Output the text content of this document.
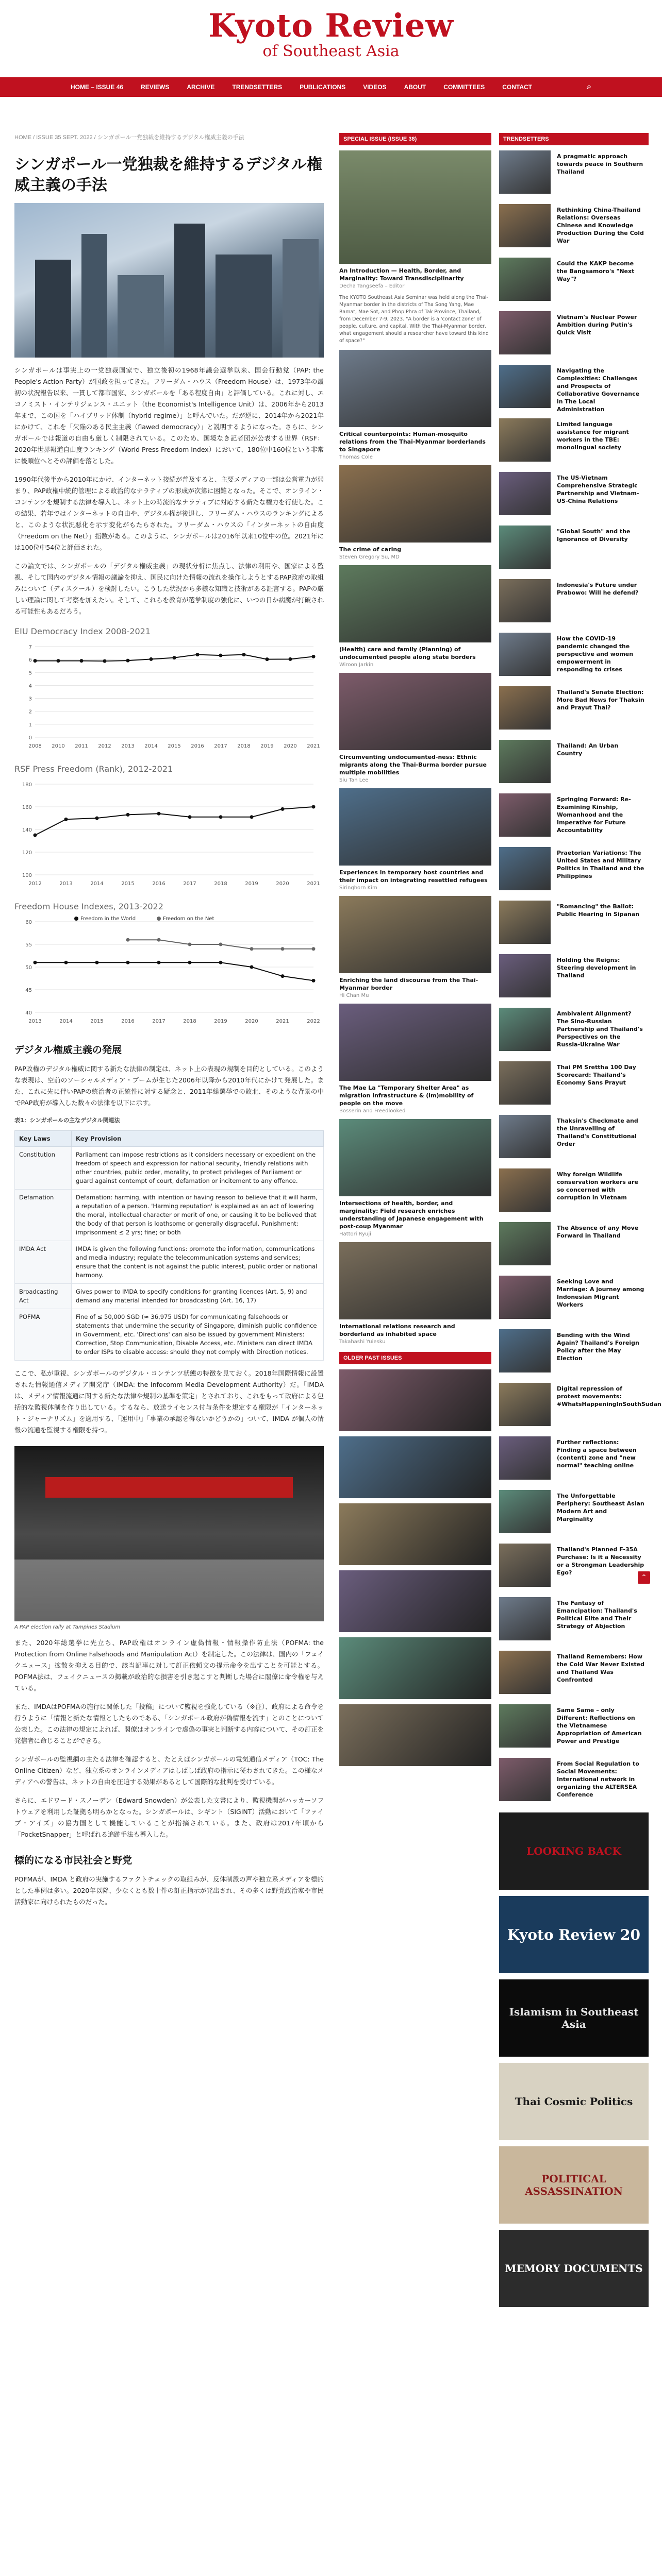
Kyoto Review
of Southeast Asia
HOME – ISSUE 46	REVIEWS	ARCHIVE	TRENDSETTERS	PUBLICATIONS	VIDEOS	ABOUT	COMMITTEES	CONTACT	⌕
HOME / ISSUE 35 SEPT. 2022 / シンガポール一党独裁を維持するデジタル権威主義の手法
シンガポール一党独裁を維持するデジタル権威主義の手法

シンガポールは事実上の一党独裁国家で、独立後初の1968年議会選挙以来、国会行動党（PAP: the People's Action Party）が国政を担ってきた。フリーダム・ハウス（Freedom House）は、1973年の最初の状況報告以来、一貫して都市国家、シンガポールを「ある程度自由」と評価している。これに対し、エコノミスト・インテリジェンス・ユニット（the Economist's Intelligence Unit）は、2006年から2013年まで、この国を「ハイブリッド体制（hybrid regime）」と呼んでいた。だが逆に、2014年から2021年にかけて、これを「欠陥のある民主主義（flawed democracy）」と説明するようになった。さらに、シンガポールでは報道の自由も厳しく制限されている。このため、国境なき記者団が公表する世界（RSF：2020年世界報道自由度ランキング（World Press Freedom Index）において、180位中160位という非常に後順位へとその評価を落とした。

1990年代後半から2010年にかけ、インターネット接続が普及すると、主要メディアの一部は公営電力が弱まり、PAP政権中統的管理による政治的なナラティブの形成が次第に困難となった。そこで、オンライン・コンテンツを規制する法律を導入し、ネット上の時流的なナラティブに対応する新たな権力を行使した。この結果、若年ではインターネットの自由や、デジタル権が後退し、フリーダム・ハウスのランキングによると、このような状況悪化を示す変化がもたらされた。フリーダム・ハウスの「インターネットの自由度（Freedom on the Net）」指数がある。このように、シンガポールは2016年以来10位中の位。2021年には100位中54位と評価された。

この論文では、シンガポールの「デジタル権威主義」の現状分析に焦点し、法律の利用や、国家による監視、そして国内のデジタル情報の議論を抑え、国民に向けた情報の流れを操作しようとするPAP政府の取組みについて（ディスクール）を検討したい。こうした状況から多様な知識と技術がある証言する。PAPの厳しい理論に関して考察を加えたい。そして、これらを教育が選挙制度の強化に、いつの日か病魔が打破される可能性もあるだろう。

EIU Democracy Index 2008-2021
0
1
2
3
4
5
6
7
2008 2010 2011 2012 2013 2014 2015 2016 2017 2018 2019 2020 2021
RSF Press Freedom (Rank), 2012-2021
100
120
140
160
180
2012	2013	2014	2015	2016	2017	2018	2019	2020	2021
Freedom House Indexes, 2013-2022
40
45
50
55
60
2013	2014	2015	2016	2017	2018	2019	2020	2021	2022
Freedom in the World	Freedom on the Net
デジタル権威主義の発展

PAP政権のデジタル権威に関する新たな法律の制定は、ネット上の表現の規制を目的としている。このような表現は、空前のソーシャルメディア・ブームが生じた2006年以降から2010年代にかけて発展した。また、これに先に伴いPAPの統治者の正統性に対する疑念と、2011年総選挙での敗北、そのような背景の中でPAP政府が導入した数々の法律を以下に示す。

表1：シンガポールの主なデジタル関連法
Key Laws	Key Provision
Constitution	Parliament can impose restrictions as it considers necessary or expedient on the freedom of speech and expression for national security, friendly relations with other countries, public order, morality, to protect privileges of Parliament or guard against contempt of court, defamation or incitement to any offence.
Defamation	Defamation: harming, with intention or having reason to believe that it will harm, a reputation of a person. 'Harming reputation' is explained as an act of lowering the moral, intellectual character or merit of one, or causing it to be believed that the body of that person is loathsome or generally disgraceful. Punishment: imprisonment ≤ 2 yrs; fine; or both
IMDA Act	IMDA is given the following functions: promote the information, communications and media industry; regulate the telecommunication systems and services; ensure that the content is not against the public interest, public order or national harmony.
Broadcasting Act	Gives power to IMDA to specify conditions for granting licences (Art. 5, 9) and demand any material intended for broadcasting (Art. 16, 17)
POFMA	Fine of ≤ 50,000 SGD (≈ 36,975 USD) for communicating falsehoods or statements that undermine the security of Singapore, diminish public confidence in Government, etc. 'Directions' can also be issued by government Ministers: Correction, Stop Communication, Disable Access, etc. Ministers can direct IMDA to order ISPs to disable access: should they not comply with Direction notices.

ここで、私が重視、シンガポールのデジタル・コンテンツ状態の特徴を見ておく。2018年国際情報に設置された情報通信メディア開発庁（IMDA: the Infocomm Media Development Authority）だ。「IMDAは、メディア情報流通に関する新たな法律や規制の基準を策定」とされており、これをもって政府による包括的な監視体制を作り出している。するなら、放送ライセンス付与条件を規定する権限が「インターネット・ジャーナリズム」を適用する、「運用中」「事業の承認を得ないかどうかの」ついて、IMDA が個人の情報の流通を監視する権限を持つ。

A PAP election rally at Tampines Stadium

また、2020年総選挙に先立ち、PAP政権はオンライン虚偽情報・情報操作防止法（POFMA: the Protection from Online Falsehoods and Manipulation Act）を制定した。この法律は、国内の「フェイクニュース」拡散を抑える目的で、該当記事に対して訂正依頼文の提示命令を出すことを可能とする。POFMA法は、フェイクニュースの掲載が政治的な損害を引き起こすと判断した場合に閣僚に命令権を与えている。

また、IMDAはPOFMAの施行に関係した「投稿」について監視を強化している（※注）、政府による命令を行うように「情報と新たな情報としたものである、「シンガポール政府が偽情報を流す」とのことについて公表した。この法律の規定によれば、閣僚はオンラインで虚偽の事実と判断する内容について、その訂正を発信者に命じることができる。

シンガポールの監視網の主たる法律を確認すると、たとえばシンガポールの電気通信メディア（TOC: The Online Citizen）など、独立系のオンラインメディアはしばしば政府の指示に従わされてきた。この様なメディアへの警告は、ネットの自由を圧迫する効果があるとして国際的な批判を受けている。

さらに、エドワード・スノーデン（Edward Snowden）が公表した文書により、監視機関がハッカーソフトウェアを利用した証拠も明らかとなった。シンガポールは、シギント（SIGINT）活動において「ファイブ・アイズ」の協力国として機能していることが指摘されている。また、政府は2017年頃から「PocketSnapper」と呼ばれる追跡手法も導入した。

標的になる市民社会と野党

POFMAが、IMDA と政府の実施するファクトチェックの取組みが、反体制派の声や独立系メディアを標的とした事例は多い。2020年以降、少なくとも数十件の訂正指示が発出され、その多くは野党政治家や市民活動家に向けられたものだった。

SPECIAL ISSUE (ISSUE 38)
An Introduction — Health, Border, and Marginality: Toward Transdisciplinarity
Decha Tangseefa – Editor
The KYOTO Southeast Asia Seminar was held along the Thai-Myanmar border in the districts of Tha Song Yang, Mae Ramat, Mae Sot, and Phop Phra of Tak Province, Thailand, from December 7-9, 2023. "A border is a 'contact zone' of people, culture, and capital. With the Thai-Myanmar border, what engagement should a researcher have toward this kind of space?"
Critical counterpoints: Human-mosquito relations from the Thai-Myanmar borderlands to Singapore
Thomas Cole
The crime of caring
Steven Gregory Su, MD
(Health) care and family (Planning) of undocumented people along state borders
Wiroon Jarkin
Circumventing undocumented-ness: Ethnic migrants along the Thai-Burma border pursue multiple mobilities
Siu Tah Lee
Experiences in temporary host countries and their impact on integrating resettled refugees
Siringhorn Kim
Enriching the land discourse from the Thai-Myanmar border
Hi Chan Mu
The Mae La "Temporary Shelter Area" as migration infrastructure & (im)mobility of people on the move
Bosserin and Freedlooked
Intersections of health, border, and marginality: Field research enriches understanding of Japanese engagement with post-coup Myanmar
Hattori Ryuji
International relations research and borderland as inhabited space
Takahashi Yuiesku
OLDER PAST ISSUES
TRENDSETTERS
A pragmatic approach towards peace in Southern Thailand
Rethinking China-Thailand Relations: Overseas Chinese and Knowledge Production During the Cold War
Could the KAKP become the Bangsamoro's "Next Way"?
Vietnam's Nuclear Power Ambition during Putin's Quick Visit
Navigating the Complexities: Challenges and Prospects of Collaborative Governance in The Local Administration
Limited language assistance for migrant workers in the TBE: monolingual society
The US-Vietnam Comprehensive Strategic Partnership and Vietnam-US-China Relations
"Global South" and the Ignorance of Diversity
Indonesia's Future under Prabowo: Will he defend?
How the COVID-19 pandemic changed the perspective and women empowerment in responding to crises
Thailand's Senate Election: More Bad News for Thaksin and Prayut Thai?
Thailand: An Urban Country
Springing Forward: Re-Examining Kinship, Womanhood and the Imperative for Future Accountability
Praetorian Variations: The United States and Military Politics in Thailand and the Philippines
"Romancing" the Ballot: Public Hearing in Sipanan
Holding the Reigns: Steering development in Thailand
Ambivalent Alignment? The Sino-Russian Partnership and Thailand's Perspectives on the Russia-Ukraine War
Thai PM Srettha 100 Day Scorecard: Thailand's Economy Sans Prayut
Thaksin's Checkmate and the Unravelling of Thailand's Constitutional Order
Why foreign Wildlife conservation workers are so concerned with corruption in Vietnam
The Absence of any Move Forward in Thailand
Seeking Love and Marriage: A journey among Indonesian Migrant Workers
Bending with the Wind Again? Thailand's Foreign Policy after the May Election
Digital repression of protest movements: #WhatsHappeningInSouthSudan
Further reflections: Finding a space between (content) zone and "new normal" teaching online
The Unforgettable Periphery: Southeast Asian Modern Art and Marginality
Thailand's Planned F-35A Purchase: Is it a Necessity or a Strongman Leadership Ego?
The Fantasy of Emancipation: Thailand's Political Elite and Their Strategy of Abjection
Thailand Remembers: How the Cold War Never Existed and Thailand Was Confronted
Same Same – only Different: Reflections on the Vietnamese Appropriation of American Power and Prestige
From Social Regulation to Social Movements: International network in organizing the ALTERSEA Conference
LOOKING BACK
Kyoto Review 20
Islamism in Southeast Asia
Thai Cosmic Politics
POLITICAL ASSASSINATION
MEMORY DOCUMENTS
⌃
